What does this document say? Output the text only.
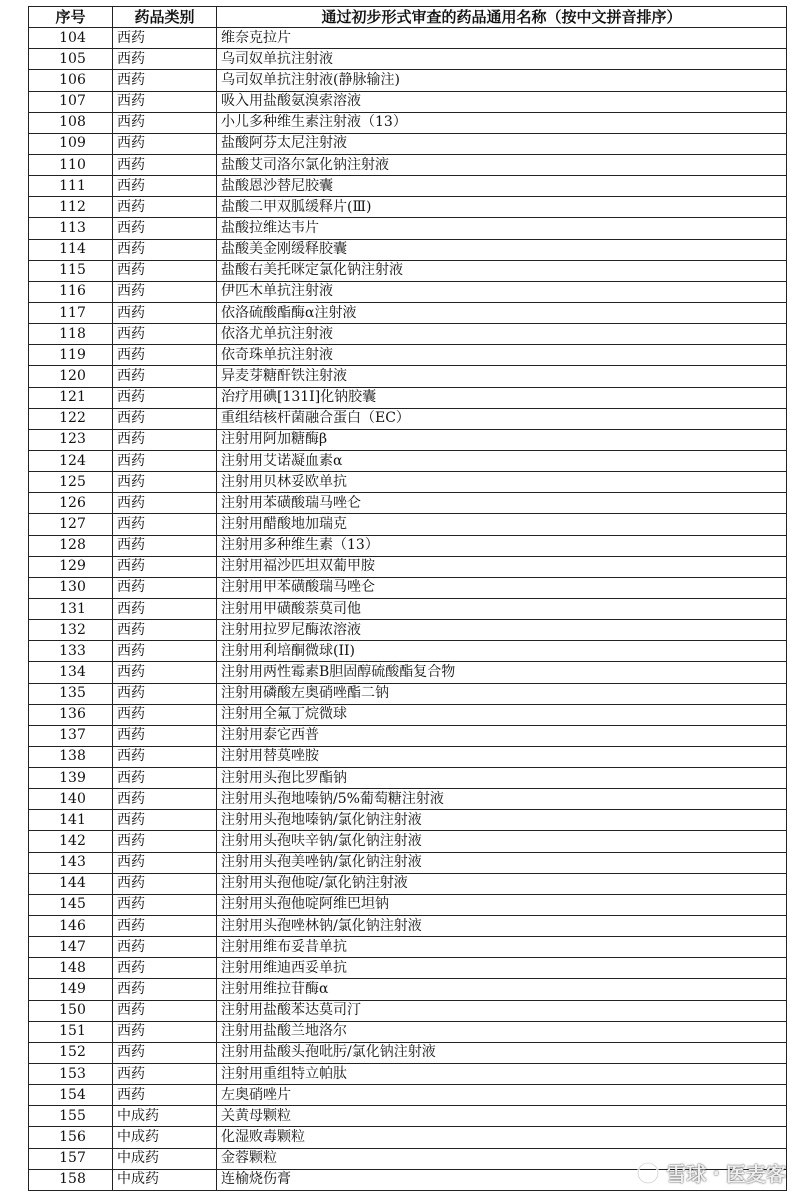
序号	药品类别	通过初步形式审查的药品通用名称（按中文拼音排序）
104	西药	维奈克拉片
105	西药	乌司奴单抗注射液
106	西药	乌司奴单抗注射液(静脉输注)
107	西药	吸入用盐酸氨溴索溶液
108	西药	小儿多种维生素注射液（13）
109	西药	盐酸阿芬太尼注射液
110	西药	盐酸艾司洛尔氯化钠注射液
111	西药	盐酸恩沙替尼胶囊
112	西药	盐酸二甲双胍缓释片(Ⅲ)
113	西药	盐酸拉维达韦片
114	西药	盐酸美金刚缓释胶囊
115	西药	盐酸右美托咪定氯化钠注射液
116	西药	伊匹木单抗注射液
117	西药	依洛硫酸酯酶α注射液
118	西药	依洛尤单抗注射液
119	西药	依奇珠单抗注射液
120	西药	异麦芽糖酐铁注射液
121	西药	治疗用碘[131I]化钠胶囊
122	西药	重组结核杆菌融合蛋白（EC）
123	西药	注射用阿加糖酶β
124	西药	注射用艾诺凝血素α
125	西药	注射用贝林妥欧单抗
126	西药	注射用苯磺酸瑞马唑仑
127	西药	注射用醋酸地加瑞克
128	西药	注射用多种维生素（13）
129	西药	注射用福沙匹坦双葡甲胺
130	西药	注射用甲苯磺酸瑞马唑仑
131	西药	注射用甲磺酸萘莫司他
132	西药	注射用拉罗尼酶浓溶液
133	西药	注射用利培酮微球(II)
134	西药	注射用两性霉素B胆固醇硫酸酯复合物
135	西药	注射用磷酸左奥硝唑酯二钠
136	西药	注射用全氟丁烷微球
137	西药	注射用泰它西普
138	西药	注射用替莫唑胺
139	西药	注射用头孢比罗酯钠
140	西药	注射用头孢地嗪钠/5%葡萄糖注射液
141	西药	注射用头孢地嗪钠/氯化钠注射液
142	西药	注射用头孢呋辛钠/氯化钠注射液
143	西药	注射用头孢美唑钠/氯化钠注射液
144	西药	注射用头孢他啶/氯化钠注射液
145	西药	注射用头孢他啶阿维巴坦钠
146	西药	注射用头孢唑林钠/氯化钠注射液
147	西药	注射用维布妥昔单抗
148	西药	注射用维迪西妥单抗
149	西药	注射用维拉苷酶α
150	西药	注射用盐酸苯达莫司汀
151	西药	注射用盐酸兰地洛尔
152	西药	注射用盐酸头孢吡肟/氯化钠注射液
153	西药	注射用重组特立帕肽
154	西药	左奥硝唑片
155	中成药	关黄母颗粒
156	中成药	化湿败毒颗粒
157	中成药	金蓉颗粒
158	中成药	连榆烧伤膏	雪球 · 医麦客
